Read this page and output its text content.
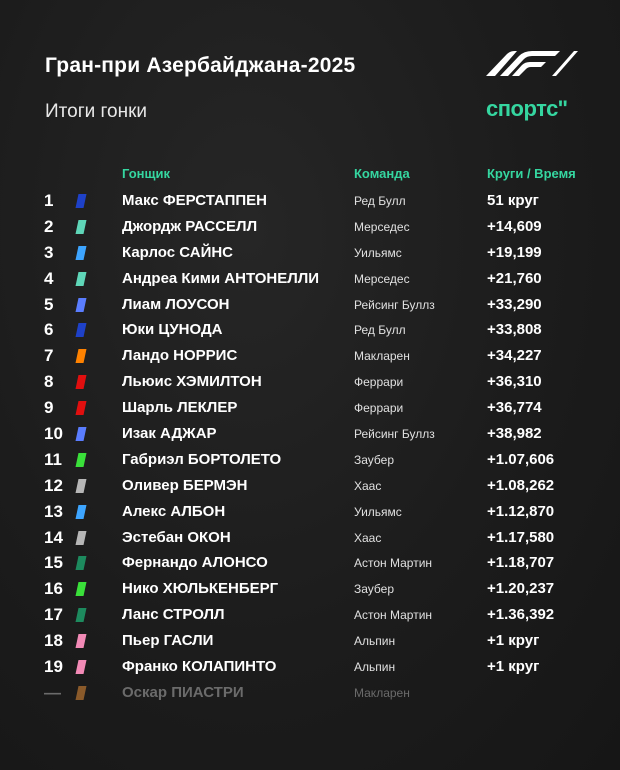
Гран-при Азербайджана-2025
Итоги гонки	спортс''
Гонщик	Команда	Круги / Время
1	Макс ФЕРСТАППЕН	Ред Булл	51 круг
2	Джордж РАССЕЛЛ	Мерседес	+14,609
3	Карлос САЙНС	Уильямс	+19,199
4	Андреа Кими АНТОНЕЛЛИ	Мерседес	+21,760
5	Лиам ЛОУСОН	Рейсинг Буллз	+33,290
6	Юки ЦУНОДА	Ред Булл	+33,808
7	Ландо НОРРИС	Макларен	+34,227
8	Льюис ХЭМИЛТОН	Феррари	+36,310
9	Шарль ЛЕКЛЕР	Феррари	+36,774
10	Изак АДЖАР	Рейсинг Буллз	+38,982
11	Габриэл БОРТОЛЕТО	Заубер	+1.07,606
12	Оливер БЕРМЭН	Хаас	+1.08,262
13	Алекс АЛБОН	Уильямс	+1.12,870
14	Эстебан ОКОН	Хаас	+1.17,580
15	Фернандо АЛОНСО	Астон Мартин	+1.18,707
16	Нико ХЮЛЬКЕНБЕРГ	Заубер	+1.20,237
17	Ланс СТРОЛЛ	Астон Мартин	+1.36,392
18	Пьер ГАСЛИ	Альпин	+1 круг
19	Франко КОЛАПИНТО	Альпин	+1 круг
—	Оскар ПИАСТРИ	Макларен
